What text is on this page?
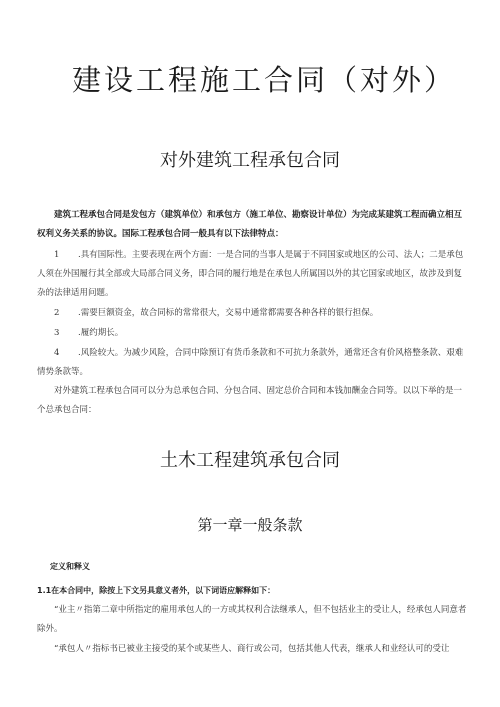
建设工程施工合同（对外）
对外建筑工程承包合同

建筑工程承包合同是发包方（建筑单位）和承包方（施工单位、勘察设计单位）为完成某建筑工程而确立相互权利义务关系的协议。国际工程承包合同一般具有以下法律特点：

1 .具有国际性。主要表现在两个方面：一是合同的当事人是属于不同国家或地区的公司、法人；二是承包人须在外国履行其全部或大局部合同义务，即合同的履行地是在承包人所属国以外的其它国家或地区，故涉及到复杂的法律适用问题。

2 .需要巨额资金，故合同标的常常很大，交易中通常都需要各种各样的银行担保。

3 .履约期长。

4 .风险较大。为减少风险，合同中除预订有货币条款和不可抗力条款外，通常还含有价风格整条款、艰难情势条款等。

对外建筑工程承包合同可以分为总承包合同、分包合同、固定总价合同和本钱加酬金合同等。以以下举的是一个总承包合同：

土木工程建筑承包合同
第一章一般条款

定义和释义

1.1在本合同中，除按上下文另具意义者外，以下词语应解释如下：

“业主〃指第二章中所指定的雇用承包人的一方或其权利合法继承人，但不包括业主的受让人，经承包人同意者除外。

“承包人〃指标书已被业主接受的某个或某些人、商行或公司，包括其他人代表，继承人和业经认可的受让
